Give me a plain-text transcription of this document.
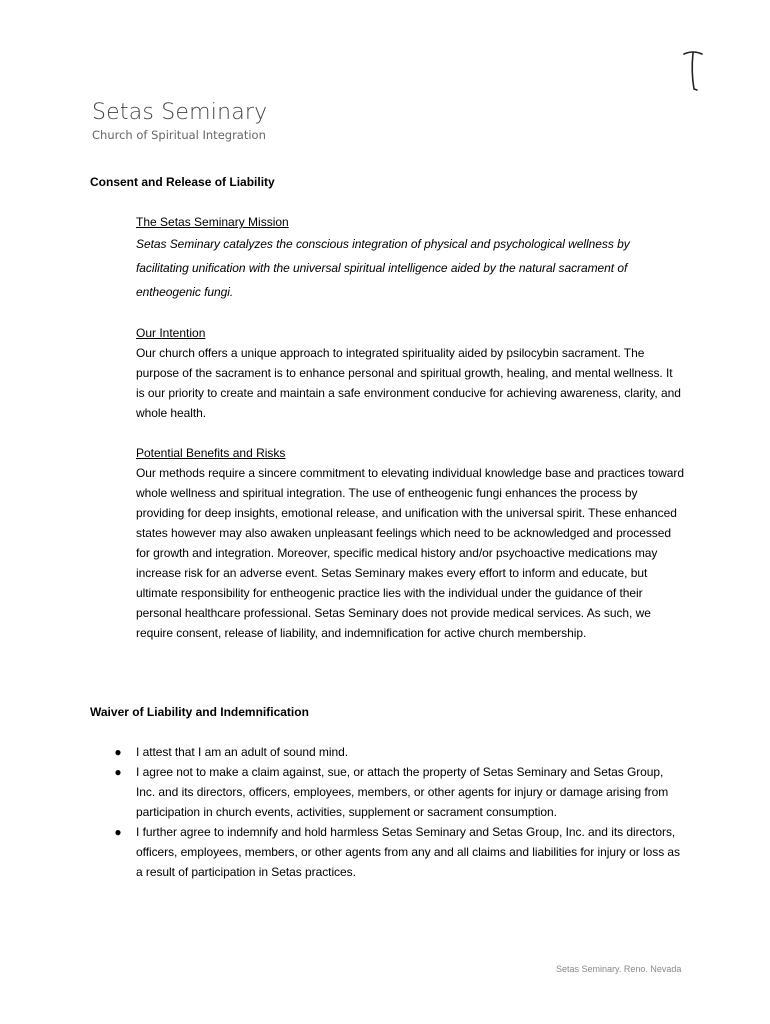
Setas Seminary
Church of Spiritual Integration
Consent and Release of Liability
The Setas Seminary Mission
Setas Seminary catalyzes the conscious integration of physical and psychological wellness by facilitating unification with the universal spiritual intelligence aided by the natural sacrament of entheogenic fungi.
Our Intention
Our church offers a unique approach to integrated spirituality aided by psilocybin sacrament. The purpose of the sacrament is to enhance personal and spiritual growth, healing, and mental wellness. It is our priority to create and maintain a safe environment conducive for achieving awareness, clarity, and whole health.
Potential Benefits and Risks
Our methods require a sincere commitment to elevating individual knowledge base and practices toward whole wellness and spiritual integration. The use of entheogenic fungi enhances the process by providing for deep insights, emotional release, and unification with the universal spirit. These enhanced states however may also awaken unpleasant feelings which need to be acknowledged and processed for growth and integration. Moreover, specific medical history and/or psychoactive medications may increase risk for an adverse event. Setas Seminary makes every effort to inform and educate, but ultimate responsibility for entheogenic practice lies with the individual under the guidance of their personal healthcare professional. Setas Seminary does not provide medical services. As such, we require consent, release of liability, and indemnification for active church membership.
Waiver of Liability and Indemnification
● I attest that I am an adult of sound mind.
● I agree not to make a claim against, sue, or attach the property of Setas Seminary and Setas Group, Inc. and its directors, officers, employees, members, or other agents for injury or damage arising from participation in church events, activities, supplement or sacrament consumption.
● I further agree to indemnify and hold harmless Setas Seminary and Setas Group, Inc. and its directors, officers, employees, members, or other agents from any and all claims and liabilities for injury or loss as a result of participation in Setas practices.
Setas Seminary. Reno. Nevada
